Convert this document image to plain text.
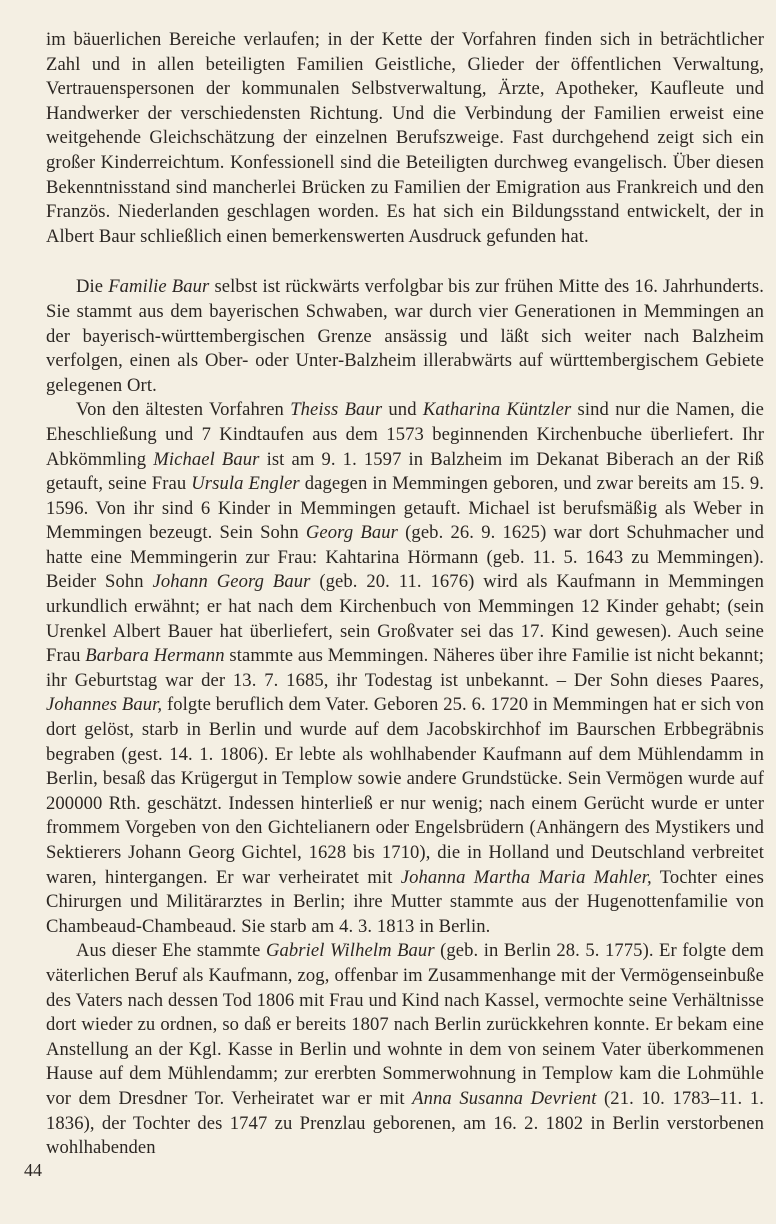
im bäuerlichen Bereiche verlaufen; in der Kette der Vorfahren finden sich in beträchtlicher Zahl und in allen beteiligten Familien Geistliche, Glieder der öffentlichen Verwaltung, Vertrauenspersonen der kommunalen Selbstverwaltung, Ärzte, Apotheker, Kaufleute und Handwerker der verschiedensten Richtung. Und die Verbindung der Familien erweist eine weitgehende Gleichschätzung der einzelnen Berufszweige. Fast durchgehend zeigt sich ein großer Kinderreichtum. Konfessionell sind die Beteiligten durchweg evangelisch. Über diesen Bekenntnisstand sind mancherlei Brücken zu Familien der Emigration aus Frankreich und den Französ. Niederlanden geschlagen worden. Es hat sich ein Bildungsstand entwickelt, der in Albert Baur schließlich einen bemerkenswerten Ausdruck gefunden hat.

Die Familie Baur selbst ist rückwärts verfolgbar bis zur frühen Mitte des 16. Jahrhunderts. Sie stammt aus dem bayerischen Schwaben, war durch vier Generationen in Memmingen an der bayerisch-württembergischen Grenze ansässig und läßt sich weiter nach Balzheim verfolgen, einen als Ober- oder Unter-Balzheim illerabwärts auf württembergischem Gebiete gelegenen Ort.

Von den ältesten Vorfahren Theiss Baur und Katharina Küntzler sind nur die Namen, die Eheschließung und 7 Kindtaufen aus dem 1573 beginnenden Kirchenbuche überliefert. Ihr Abkömmling Michael Baur ist am 9. 1. 1597 in Balzheim im Dekanat Biberach an der Riß getauft, seine Frau Ursula Engler dagegen in Memmingen geboren, und zwar bereits am 15. 9. 1596. Von ihr sind 6 Kinder in Memmingen getauft. Michael ist berufsmäßig als Weber in Memmingen bezeugt. Sein Sohn Georg Baur (geb. 26. 9. 1625) war dort Schuhmacher und hatte eine Memmingerin zur Frau: Kahtarina Hörmann (geb. 11. 5. 1643 zu Memmingen). Beider Sohn Johann Georg Baur (geb. 20. 11. 1676) wird als Kaufmann in Memmingen urkundlich erwähnt; er hat nach dem Kirchenbuch von Memmingen 12 Kinder gehabt; (sein Urenkel Albert Bauer hat überliefert, sein Großvater sei das 17. Kind gewesen). Auch seine Frau Barbara Hermann stammte aus Memmingen. Näheres über ihre Familie ist nicht bekannt; ihr Geburtstag war der 13. 7. 1685, ihr Todestag ist unbekannt. – Der Sohn dieses Paares, Johannes Baur, folgte beruflich dem Vater. Geboren 25. 6. 1720 in Memmingen hat er sich von dort gelöst, starb in Berlin und wurde auf dem Jacobskirchhof im Baurschen Erbbegräbnis begraben (gest. 14. 1. 1806). Er lebte als wohlhabender Kaufmann auf dem Mühlendamm in Berlin, besaß das Krügergut in Templow sowie andere Grundstücke. Sein Vermögen wurde auf 200000 Rth. geschätzt. Indessen hinterließ er nur wenig; nach einem Gerücht wurde er unter frommem Vorgeben von den Gichtelianern oder Engelsbrüdern (Anhängern des Mystikers und Sektierers Johann Georg Gichtel, 1628 bis 1710), die in Holland und Deutschland verbreitet waren, hintergangen. Er war verheiratet mit Johanna Martha Maria Mahler, Tochter eines Chirurgen und Militärarztes in Berlin; ihre Mutter stammte aus der Hugenottenfamilie von Chambeaud-Chambeaud. Sie starb am 4. 3. 1813 in Berlin.

Aus dieser Ehe stammte Gabriel Wilhelm Baur (geb. in Berlin 28. 5. 1775). Er folgte dem väterlichen Beruf als Kaufmann, zog, offenbar im Zusammenhange mit der Vermögenseinbuße des Vaters nach dessen Tod 1806 mit Frau und Kind nach Kassel, vermochte seine Verhältnisse dort wieder zu ordnen, so daß er bereits 1807 nach Berlin zurückkehren konnte. Er bekam eine Anstellung an der Kgl. Kasse in Berlin und wohnte in dem von seinem Vater überkommenen Hause auf dem Mühlendamm; zur ererbten Sommerwohnung in Templow kam die Lohmühle vor dem Dresdner Tor. Verheiratet war er mit Anna Susanna Devrient (21. 10. 1783–11. 1. 1836), der Tochter des 1747 zu Prenzlau geborenen, am 16. 2. 1802 in Berlin verstorbenen wohlhabenden

44
